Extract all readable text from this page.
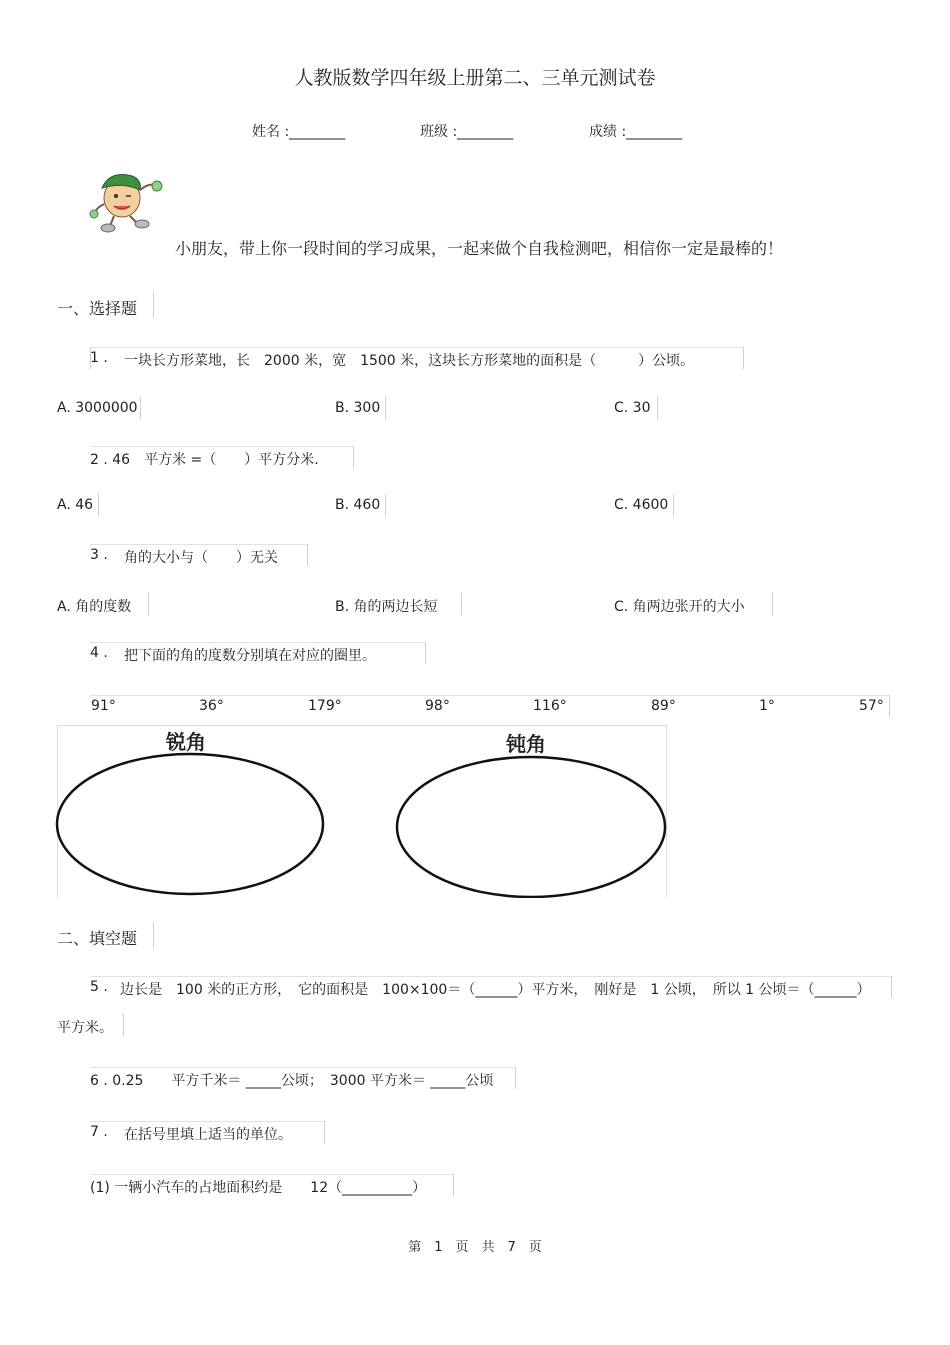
人教版数学四年级上册第二、三单元测试卷
姓名 :________	班级 :________	成绩 :________
小朋友，带上你一段时间的学习成果，一起来做个自我检测吧，相信你一定是最棒的！
一、选择题
1 . 一块长方形菜地，长　2000 米，宽　1500 米，这块长方形菜地的面积是（　　　）公顷。
A. 3000000	B. 300	C. 30
2 . 46　平方米 =（　　）平方分米.
A. 46	B. 460	C. 4600
3 . 角的大小与（　　）无关
A. 角的度数	B. 角的两边长短	C. 角两边张开的大小
4 . 把下面的角的度数分别填在对应的圈里。
91°	36°	179°	98°	116°	89°	1°	57°
锐角	钝角
二、填空题
5 . 边长是　100 米的正方形，　它的面积是　100×100＝（______）平方米，　刚好是　1 公顷，　所以 1 公顷＝（______）
平方米。
6 . 0.25　　平方千米＝ _____公顷；　3000 平方米＝ _____公顷
7 . 在括号里填上适当的单位。
(1) 一辆小汽车的占地面积约是　　12（__________）
第　1　页　共　7　页
